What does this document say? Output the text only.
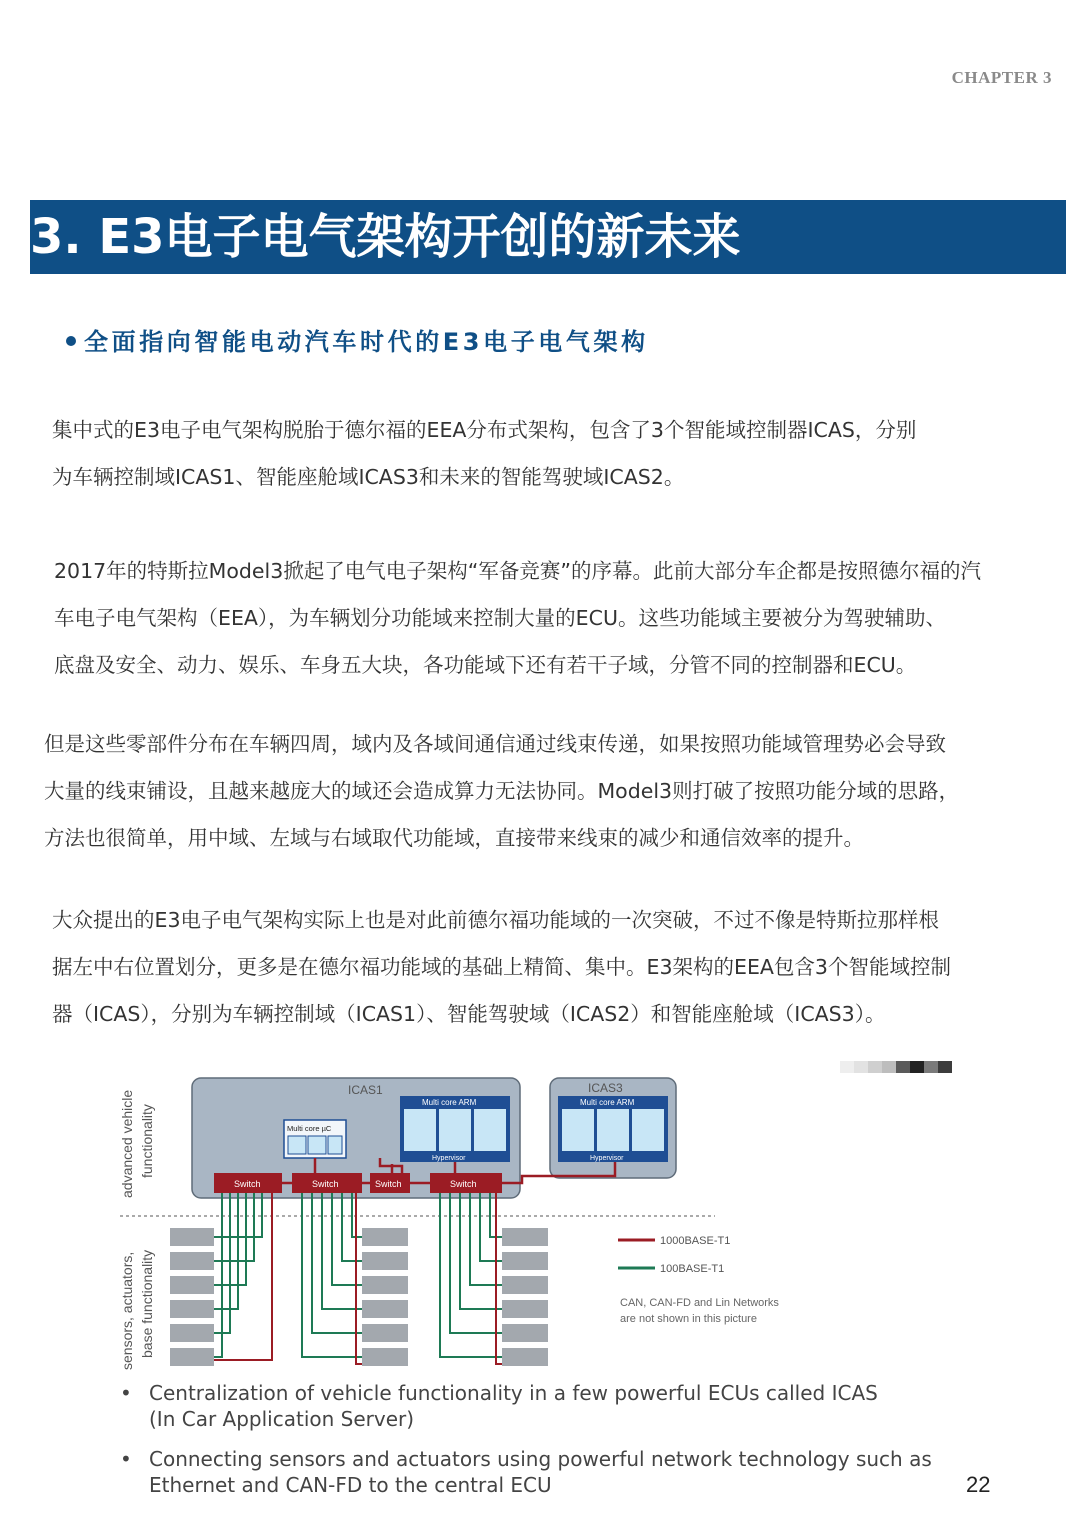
CHAPTER 3
3. E3电子电气架构开创的新未来
全面指向智能电动汽车时代的E3电子电气架构

集中式的E3电子电气架构脱胎于德尔福的EEA分布式架构，包含了3个智能域控制器ICAS，分别
为车辆控制域ICAS1、智能座舱域ICAS3和未来的智能驾驶域ICAS2。

2017年的特斯拉Model3掀起了电气电子架构“军备竞赛”的序幕。此前大部分车企都是按照德尔福的汽
车电子电气架构（EEA），为车辆划分功能域来控制大量的ECU。这些功能域主要被分为驾驶辅助、
底盘及安全、动力、娱乐、车身五大块，各功能域下还有若干子域，分管不同的控制器和ECU。

但是这些零部件分布在车辆四周，域内及各域间通信通过线束传递，如果按照功能域管理势必会导致
大量的线束铺设，且越来越庞大的域还会造成算力无法协同。Model3则打破了按照功能分域的思路，
方法也很简单，用中域、左域与右域取代功能域，直接带来线束的减少和通信效率的提升。

大众提出的E3电子电气架构实际上也是对此前德尔福功能域的一次突破，不过不像是特斯拉那样根
据左中右位置划分，更多是在德尔福功能域的基础上精简、集中。E3架构的EEA包含3个智能域控制
器（ICAS），分别为车辆控制域（ICAS1）、智能驾驶域（ICAS2）和智能座舱域（ICAS3）。

advanced vehicle functionality
sensors, actuators, base functionality
ICAS1	ICAS3
Multi core µC
Multi core ARM
Hypervisor
Multi core ARM
Hypervisor
Switch	Switch	Switch	Switch
1000BASE-T1
100BASE-T1
CAN, CAN-FD and Lin Networks
are not shown in this picture
• Centralization of vehicle functionality in a few powerful ECUs called ICAS
(In Car Application Server)
• Connecting sensors and actuators using powerful network technology such as
Ethernet and CAN-FD to the central ECU	22
